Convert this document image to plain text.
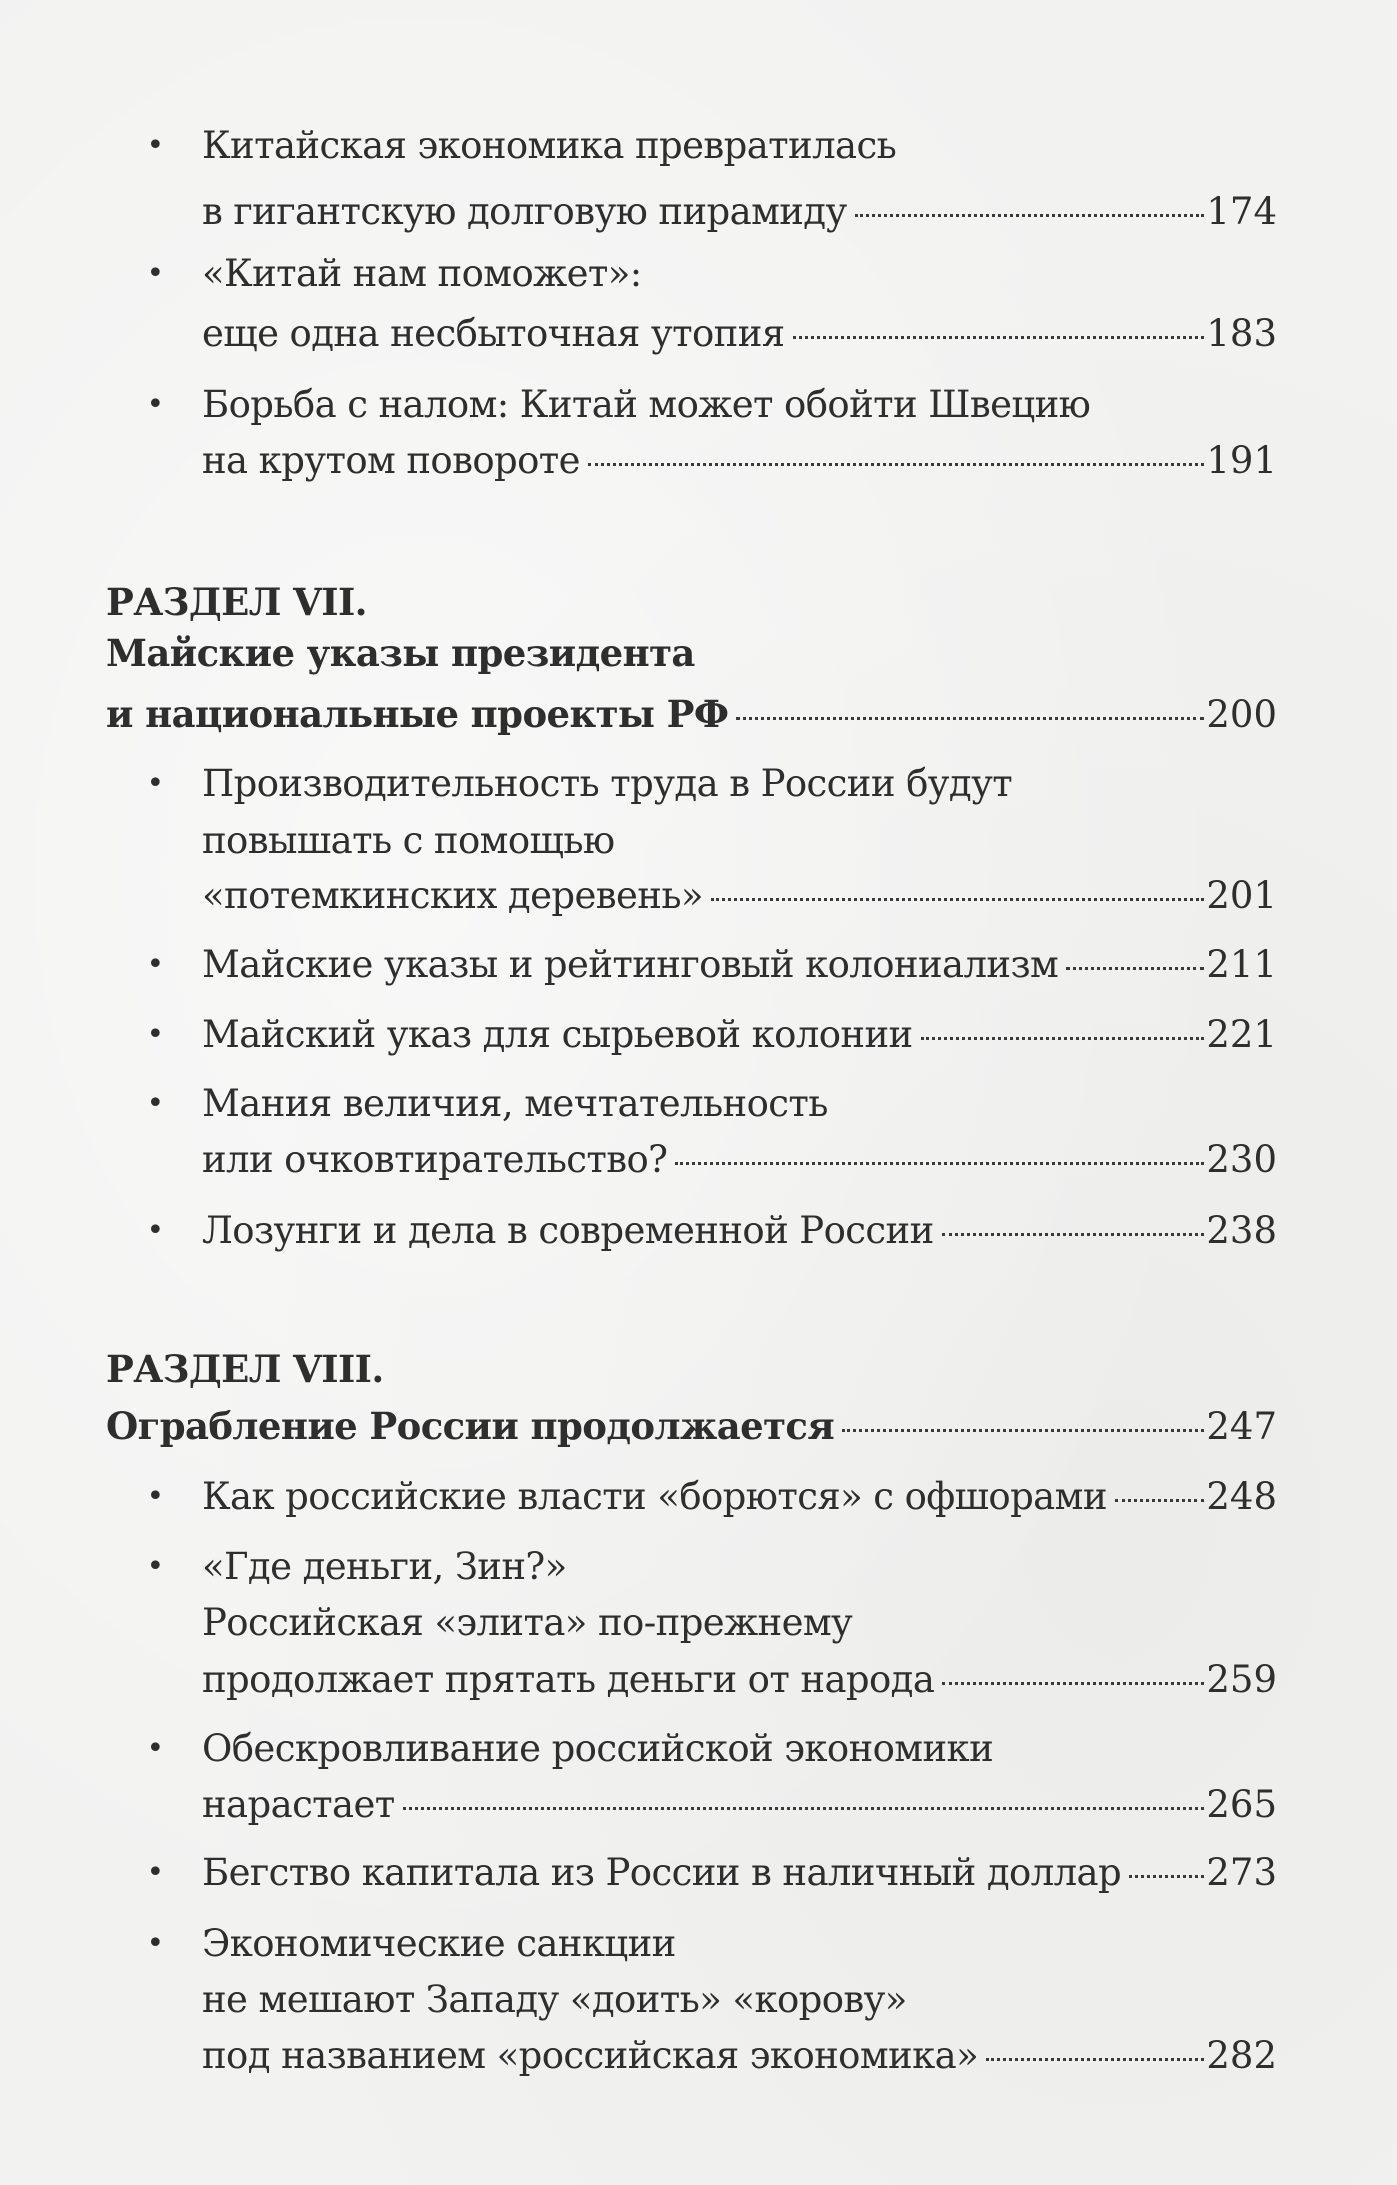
• Китайская экономика превратилась
в гигантскую долговую пирамиду	174
• «Китай нам поможет»:
еще одна несбыточная утопия	183
• Борьба с налом: Китай может обойти Швецию
на крутом повороте	191
РАЗДЕЛ VII.
Майские указы президента
и национальные проекты РФ	200
• Производительность труда в России будут
повышать с помощью
«потемкинских деревень»	201
• Майские указы и рейтинговый колониализм	211
• Майский указ для сырьевой колонии	221
• Мания величия, мечтательность
или очковтирательство?	230
• Лозунги и дела в современной России	238
РАЗДЕЛ VIII.
Ограбление России продолжается	247
• Как российские власти «борются» с офшорами	248
• «Где деньги, Зин?»
Российская «элита» по-прежнему
продолжает прятать деньги от народа	259
• Обескровливание российской экономики
нарастает	265
• Бегство капитала из России в наличный доллар 273
• Экономические санкции
не мешают Западу «доить» «корову»
под названием «российская экономика»	282
